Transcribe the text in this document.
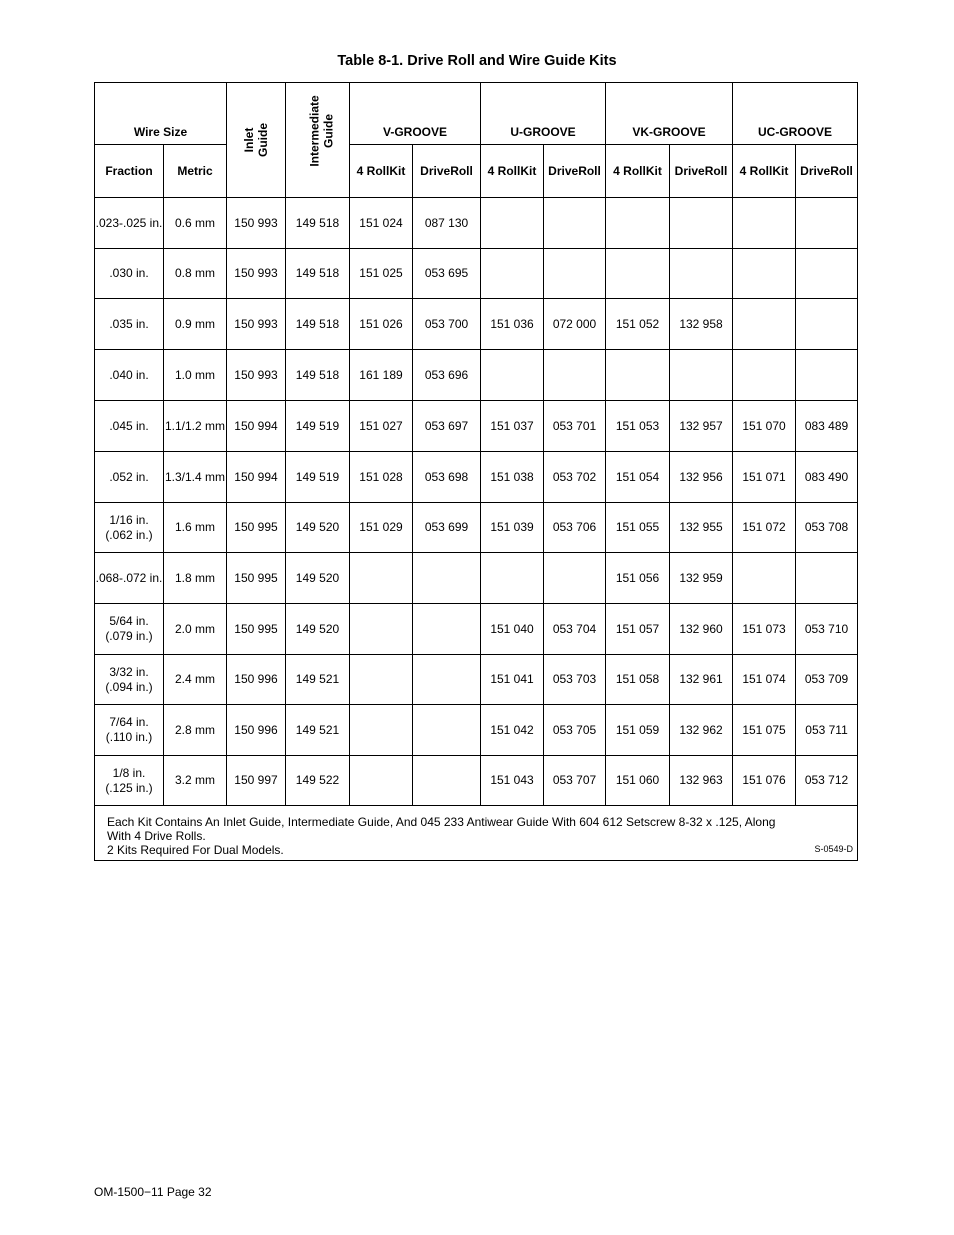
Table 8-1. Drive Roll and Wire Guide Kits
Wire Size		Inlet Guide	Intermediate Guide	V-GROOVE		U-GROOVE		VK-GROOVE		UC-GROOVE	
Fraction	Metric			4 RollKit	DriveRoll	4 RollKit	DriveRoll	4 RollKit	DriveRoll	4 RollKit	DriveRoll

.023-.025 in.	0.6 mm	150 993	149 518	151 024	087 130						

.030 in.	0.8 mm	150 993	149 518	151 025	053 695						

.035 in.	0.9 mm	150 993	149 518	151 026	053 700	151 036	072 000	151 052	132 958		

.040 in.	1.0 mm	150 993	149 518	161 189	053 696						

.045 in.	1.1/1.2 mm	150 994	149 519	151 027	053 697	151 037	053 701	151 053	132 957	151 070	083 489

.052 in.	1.3/1.4 mm	150 994	149 519	151 028	053 698	151 038	053 702	151 054	132 956	151 071	083 490

1/16 in.
(.062 in.)	1.6 mm	150 995	149 520	151 029	053 699	151 039	053 706	151 055	132 955	151 072	053 708

.068-.072 in.	1.8 mm	150 995	149 520					151 056	132 959		

5/64 in.
(.079 in.)	2.0 mm	150 995	149 520			151 040	053 704	151 057	132 960	151 073	053 710

3/32 in.
(.094 in.)	2.4 mm	150 996	149 521			151 041	053 703	151 058	132 961	151 074	053 709

7/64 in.
(.110 in.)	2.8 mm	150 996	149 521			151 042	053 705	151 059	132 962	151 075	053 711

1/8 in.
(.125 in.)	3.2 mm	150 997	149 522			151 043	053 707	151 060	132 963	151 076	053 712

Each Kit Contains An Inlet Guide, Intermediate Guide, And 045 233 Antiwear Guide With 604 612 Setscrew 8-32 x .125, Along
With 4 Drive Rolls.
2 Kits Required For Dual Models. S-0549-D											
OM-1500−11 Page 32
